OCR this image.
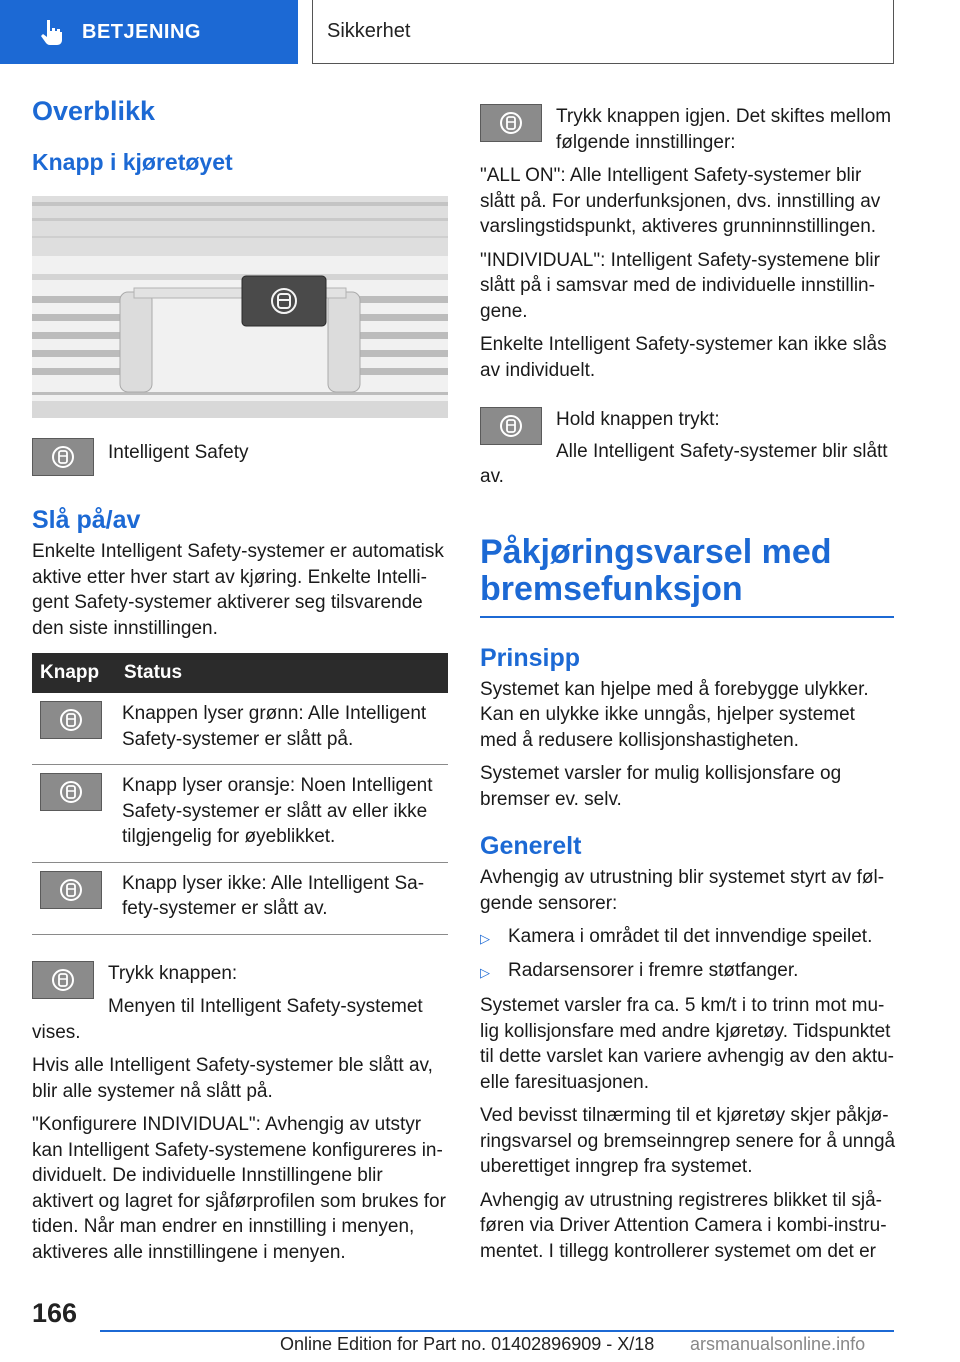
BETJENING	Sikkerhet
Overblikk
Knapp i kjøretøyet

Intelligent Safety

Slå på/av

Enkelte Intelligent Safety-systemer er automatisk aktive etter hver start av kjøring. Enkelte Intelli-gent Safety-systemer aktiverer seg tilsvarende den siste innstillingen.

Knapp	Status

	Knappen lyser grønn: Alle Intelligent Safety-systemer er slått på.

	Knapp lyser oransje: Noen Intelligent Safety-systemer er slått av eller ikke tilgjengelig for øyeblikket.

	Knapp lyser ikke: Alle Intelligent Sa-fety-systemer er slått av.

Trykk knappen:

Menyen til Intelligent Safety-systemet vises.

Hvis alle Intelligent Safety-systemer ble slått av, blir alle systemer nå slått på.

"Konfigurere INDIVIDUAL": Avhengig av utstyr kan Intelligent Safety-systemene konfigureres in-dividuelt. De individuelle Innstillingene blir aktivert og lagret for sjåførprofilen som brukes for tiden. Når man endrer en innstilling i menyen, aktiveres alle innstillingene i menyen.

Trykk knappen igjen. Det skiftes mellom følgende innstillinger:

"ALL ON": Alle Intelligent Safety-systemer blir slått på. For underfunksjonen, dvs. innstilling av varslingstidspunkt, aktiveres grunninnstillingen.

"INDIVIDUAL": Intelligent Safety-systemene blir slått på i samsvar med de individuelle innstillin-gene.

Enkelte Intelligent Safety-systemer kan ikke slås av individuelt.

Hold knappen trykt:

Alle Intelligent Safety-systemer blir slått av.

Påkjøringsvarsel med bremsefunksjon
Prinsipp

Systemet kan hjelpe med å forebygge ulykker. Kan en ulykke ikke unngås, hjelper systemet med å redusere kollisjonshastigheten.

Systemet varsler for mulig kollisjonsfare og bremser ev. selv.

Generelt

Avhengig av utrustning blir systemet styrt av føl-gende sensorer:

▷ Kamera i området til det innvendige speilet.
▷ Radarsensorer i fremre støtfanger.

Systemet varsler fra ca. 5 km/t i to trinn mot mu-lig kollisjonsfare med andre kjøretøy. Tidspunktet til dette varslet kan variere avhengig av den aktu-elle faresituasjonen.

Ved bevisst tilnærming til et kjøretøy skjer påkjø-ringsvarsel og bremseinngrep senere for å unngå uberettiget inngrep fra systemet.

Avhengig av utrustning registreres blikket til sjå-føren via Driver Attention Camera i kombi-instru-mentet. I tillegg kontrollerer systemet om det er

166
Online Edition for Part no. 01402896909 - X/18 arsmanualsonline.info
